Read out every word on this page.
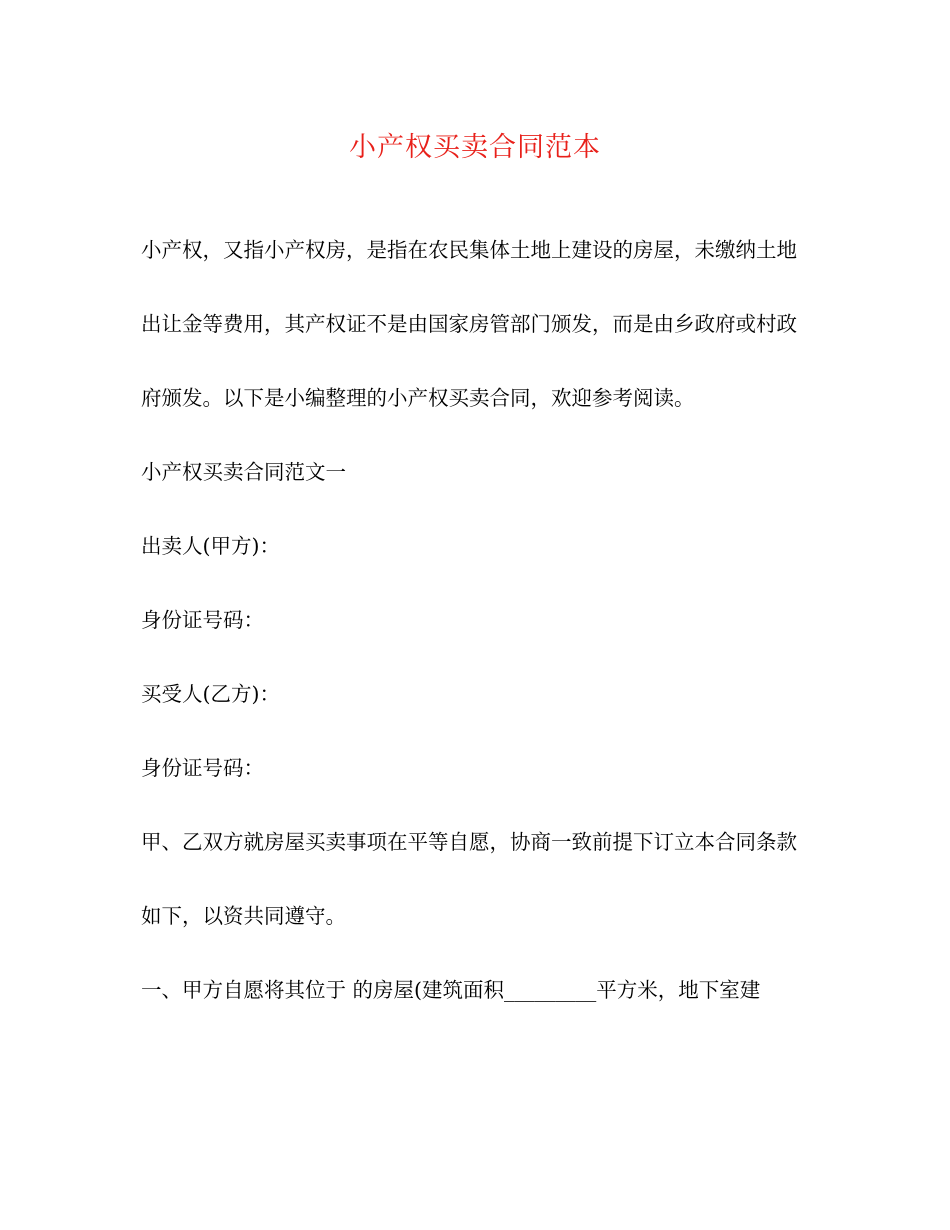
小产权买卖合同范本

小产权，又指小产权房，是指在农民集体土地上建设的房屋，未缴纳土地出让金等费用，其产权证不是由国家房管部门颁发，而是由乡政府或村政府颁发。以下是小编整理的小产权买卖合同，欢迎参考阅读。

小产权买卖合同范文一

出卖人(甲方)：

身份证号码：

买受人(乙方)：

身份证号码：

甲、乙双方就房屋买卖事项在平等自愿，协商一致前提下订立本合同条款如下，以资共同遵守。

一、甲方自愿将其位于 的房屋(建筑面积_________平方米，地下室建
